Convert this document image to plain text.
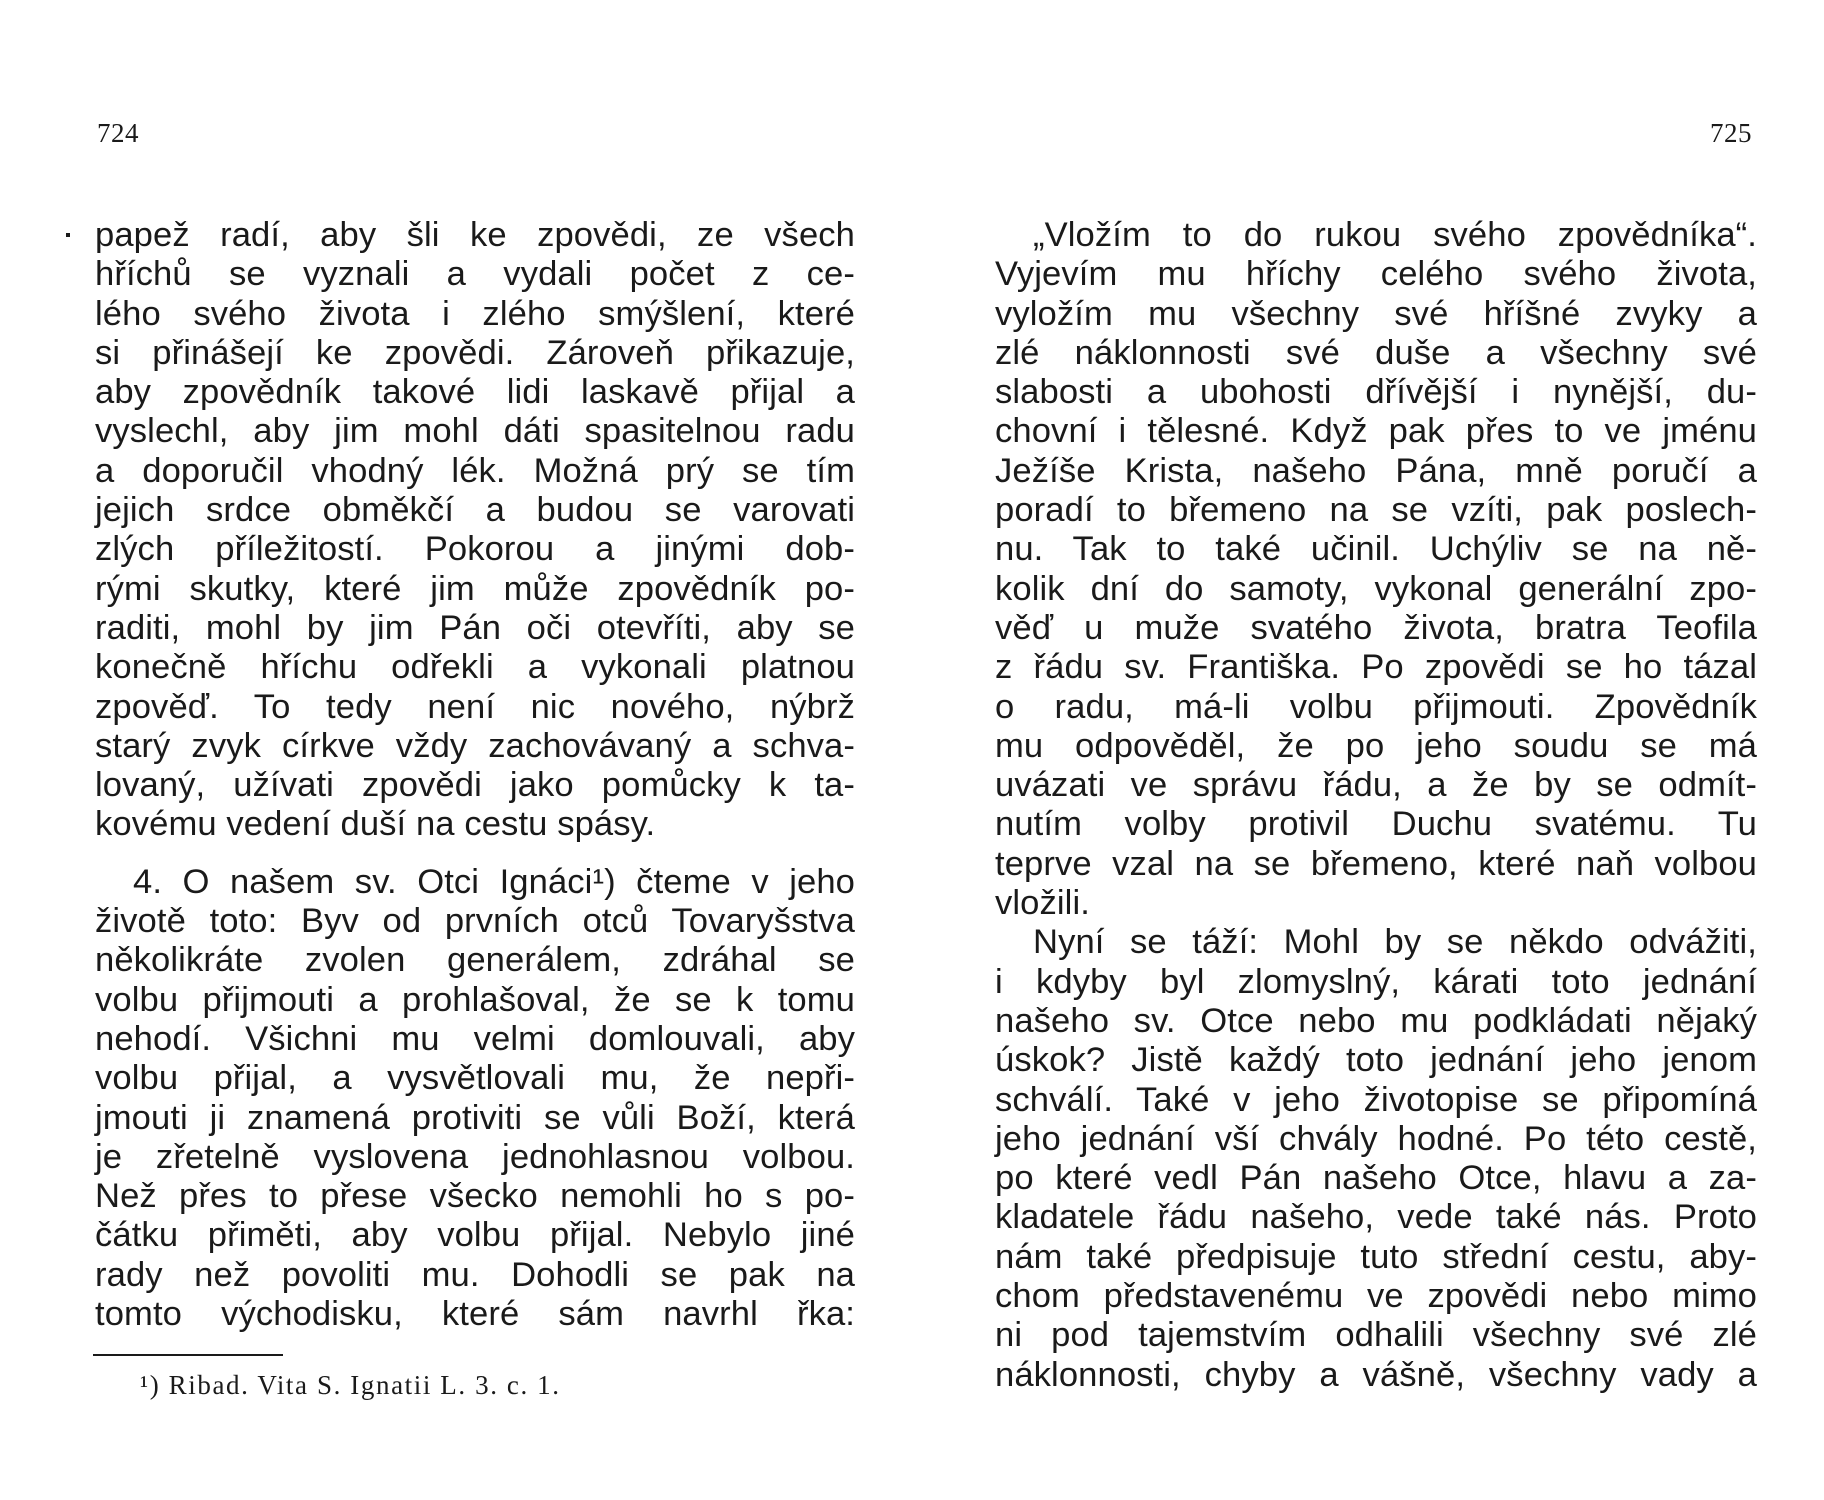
724	725
papež radí, aby šli ke zpovědi, ze všech
hříchů se vyznali a vydali počet z ce-
lého svého života i zlého smýšlení, které
si přinášejí ke zpovědi. Zároveň přikazuje,
aby zpovědník takové lidi laskavě přijal a
vyslechl, aby jim mohl dáti spasitelnou radu
a doporučil vhodný lék. Možná prý se tím
jejich srdce obměkčí a budou se varovati
zlých příležitostí. Pokorou a jinými dob-
rými skutky, které jim může zpovědník po-
raditi, mohl by jim Pán oči otevříti, aby se
konečně hříchu odřekli a vykonali platnou
zpověď. To tedy není nic nového, nýbrž
starý zvyk církve vždy zachovávaný a schva-
lovaný, užívati zpovědi jako pomůcky k ta-
kovému vedení duší na cestu spásy.
4. O našem sv. Otci Ignáci¹) čteme v jeho
životě toto: Byv od prvních otců Tovaryšstva
několikráte zvolen generálem, zdráhal se
volbu přijmouti a prohlašoval, že se k tomu
nehodí. Všichni mu velmi domlouvali, aby
volbu přijal, a vysvětlovali mu, že nepři-
jmouti ji znamená protiviti se vůli Boží, která
je zřetelně vyslovena jednohlasnou volbou.
Než přes to přese všecko nemohli ho s po-
čátku přiměti, aby volbu přijal. Nebylo jiné
rady než povoliti mu. Dohodli se pak na
tomto východisku, které sám navrhl řka:
¹) Ribad. Vita S. Ignatii L. 3. c. 1.
„Vložím to do rukou svého zpovědníka“.
Vyjevím mu hříchy celého svého života,
vyložím mu všechny své hříšné zvyky a
zlé náklonnosti své duše a všechny své
slabosti a ubohosti dřívější i nynější, du-
chovní i tělesné. Když pak přes to ve jménu
Ježíše Krista, našeho Pána, mně poručí a
poradí to břemeno na se vzíti, pak poslech-
nu. Tak to také učinil. Uchýliv se na ně-
kolik dní do samoty, vykonal generální zpo-
věď u muže svatého života, bratra Teofila
z řádu sv. Františka. Po zpovědi se ho tázal
o radu, má-li volbu přijmouti. Zpovědník
mu odpověděl, že po jeho soudu se má
uvázati ve správu řádu, a že by se odmít-
nutím volby protivil Duchu svatému. Tu
teprve vzal na se břemeno, které naň volbou
vložili.
Nyní se táží: Mohl by se někdo odvážiti,
i kdyby byl zlomyslný, kárati toto jednání
našeho sv. Otce nebo mu podkládati nějaký
úskok? Jistě každý toto jednání jeho jenom
schválí. Také v jeho životopise se připomíná
jeho jednání vší chvály hodné. Po této cestě,
po které vedl Pán našeho Otce, hlavu a za-
kladatele řádu našeho, vede také nás. Proto
nám také předpisuje tuto střední cestu, aby-
chom představenému ve zpovědi nebo mimo
ni pod tajemstvím odhalili všechny své zlé
náklonnosti, chyby a vášně, všechny vady a
